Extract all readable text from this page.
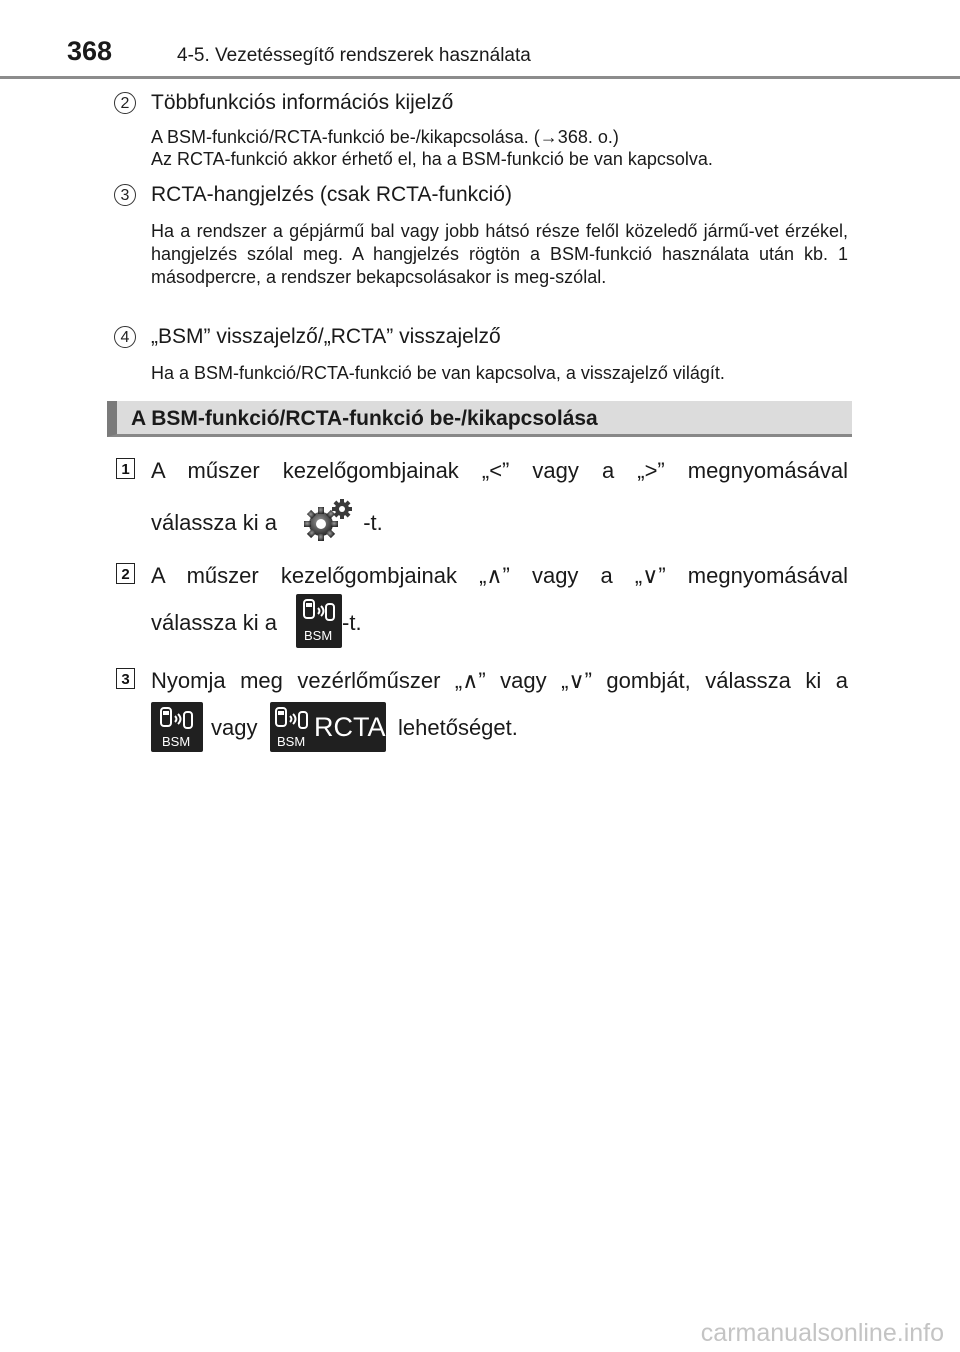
368	4-5. Vezetéssegítő rendszerek használata
2	Többfunkciós információs kijelző

A BSM-funkció/RCTA-funkció be-/kikapcsolása. (→368. o.)

Az RCTA-funkció akkor érhető el, ha a BSM-funkció be van kapcsolva.

3	RCTA-hangjelzés (csak RCTA-funkció)

Ha a rendszer a gépjármű bal vagy jobb hátsó része felől közeledő jármű-vet érzékel, hangjelzés szólal meg. A hangjelzés rögtön a BSM-funkció használata után kb. 1 másodpercre, a rendszer bekapcsolásakor is meg-szólal.

4	„BSM” visszajelző/„RCTA” visszajelző

Ha a BSM-funkció/RCTA-funkció be van kapcsolva, a visszajelző világít.

A BSM-funkció/RCTA-funkció be-/kikapcsolása
1 A műszer kezelőgombjainak „<” vagy a „>” megnyomásával
válassza ki a	-t.
2 A műszer kezelőgombjainak „∧” vagy a „∨” megnyomásával
válassza ki a
BSM
-t.
3 Nyomja meg vezérlőműszer „∧” vagy „∨” gombját, válassza ki a
BSM
vagy
BSM RCTA lehetőséget.
carmanualsonline.info
